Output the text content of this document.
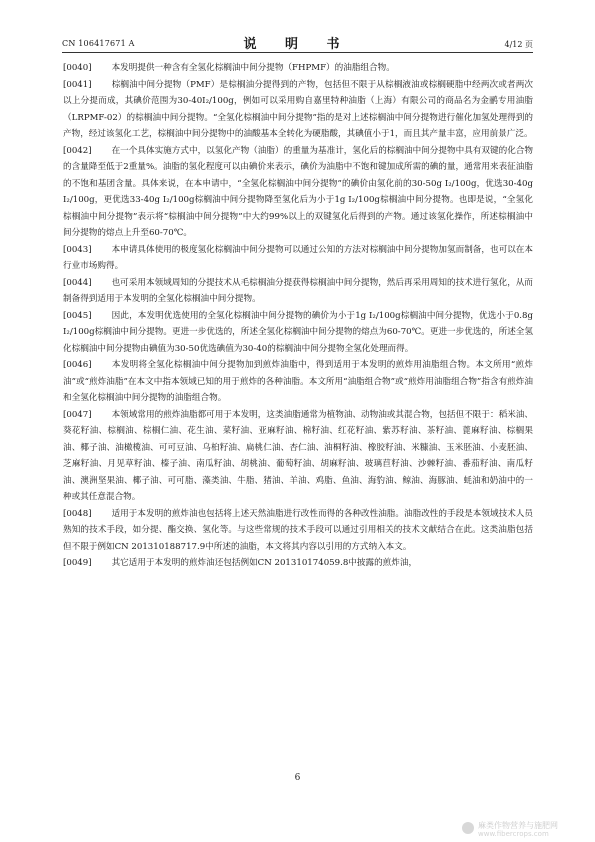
CN 106417671 A	说 明 书	4/12 页

[0040] 本发明提供一种含有全氢化棕榈油中间分提物（FHPMF）的油脂组合物。

[0041] 棕榈油中间分提物（PMF）是棕榈油分提得到的产物，包括但不限于从棕榈液油或棕榈硬脂中经两次或者两次以上分提而成，其碘价范围为30-40I₂/100g，例如可以采用购自嘉里特种油脂（上海）有限公司的商品名为金鹂专用油脂（LRPMF-02）的棕榈油中间分提物。“全氢化棕榈油中间分提物”指的是对上述棕榈油中间分提物进行催化加氢处理得到的产物，经过该氢化工艺，棕榈油中间分提物中的油酸基本全转化为硬脂酸，其碘值小于1，而且其产量丰富，应用前景广泛。

[0042] 在一个具体实施方式中，以氢化产物（油脂）的重量为基准计，氢化后的棕榈油中间分提物中具有双键的化合物的含量降至低于2重量%。油脂的氢化程度可以由碘价来表示，碘价为油脂中不饱和键加成所需的碘的量，通常用来表征油脂的不饱和基团含量。具体来说，在本申请中，“全氢化棕榈油中间分提物”的碘价由氢化前的30-50g I₂/100g，优选30-40g I₂/100g，更优选33-40g I₂/100g棕榈油中间分提物降至氢化后为小于1g I₂/100g棕榈油中间分提物。也即是说，“全氢化棕榈油中间分提物”表示将“棕榈油中间分提物”中大约99%以上的双键氢化后得到的产物。通过该氢化操作，所述棕榈油中间分提物的熔点上升至60-70℃。

[0043] 本申请具体使用的极度氢化棕榈油中间分提物可以通过公知的方法对棕榈油中间分提物加氢而制备，也可以在本行业市场购得。

[0044] 也可采用本领域周知的分提技术从毛棕榈油分提获得棕榈油中间分提物，然后再采用周知的技术进行氢化，从而制备得到适用于本发明的全氢化棕榈油中间分提物。

[0045] 因此，本发明优选使用的全氢化棕榈油中间分提物的碘价为小于1g I₂/100g棕榈油中间分提物，优选小于0.8g I₂/100g棕榈油中间分提物。更进一步优选的，所述全氢化棕榈油中间分提物的熔点为60-70℃。更进一步优选的，所述全氢化棕榈油中间分提物由碘值为30-50优选碘值为30-40的棕榈油中间分提物全氢化处理而得。

[0046] 本发明将全氢化棕榈油中间分提物加到煎炸油脂中，得到适用于本发明的煎炸用油脂组合物。本文所用“煎炸油”或“煎炸油脂”在本文中指本领域已知的用于煎炸的各种油脂。本文所用“油脂组合物”或“煎炸用油脂组合物”指含有煎炸油和全氢化棕榈油中间分提物的油脂组合物。

[0047] 本领域常用的煎炸油脂都可用于本发明，这类油脂通常为植物油、动物油或其混合物，包括但不限于：稻米油、葵花籽油、棕榈油、棕榈仁油、花生油、菜籽油、亚麻籽油、棉籽油、红花籽油、紫苏籽油、茶籽油、蓖麻籽油、棕榈果油、椰子油、油橄榄油、可可豆油、乌桕籽油、扁桃仁油、杏仁油、油桐籽油、橡胶籽油、米糠油、玉米胚油、小麦胚油、芝麻籽油、月见草籽油、榛子油、南瓜籽油、胡桃油、葡萄籽油、胡麻籽油、玻璃苣籽油、沙棘籽油、番茄籽油、南瓜籽油、澳洲坚果油、椰子油、可可脂、藻类油、牛脂、猪油、羊油、鸡脂、鱼油、海豹油、鲸油、海豚油、蚝油和奶油中的一种或其任意混合物。

[0048] 适用于本发明的煎炸油也包括将上述天然油脂进行改性而得的各种改性油脂。油脂改性的手段是本领域技术人员熟知的技术手段，如分提、酯交换、氢化等。与这些常规的技术手段可以通过引用相关的技术文献结合在此。这类油脂包括但不限于例如CN 201310188717.9中所述的油脂，本文将其内容以引用的方式纳入本文。

[0049] 其它适用于本发明的煎炸油还包括例如CN 201310174059.8中披露的煎炸油，

6
麻类作物营养与施肥网
www.fibercrops.com
